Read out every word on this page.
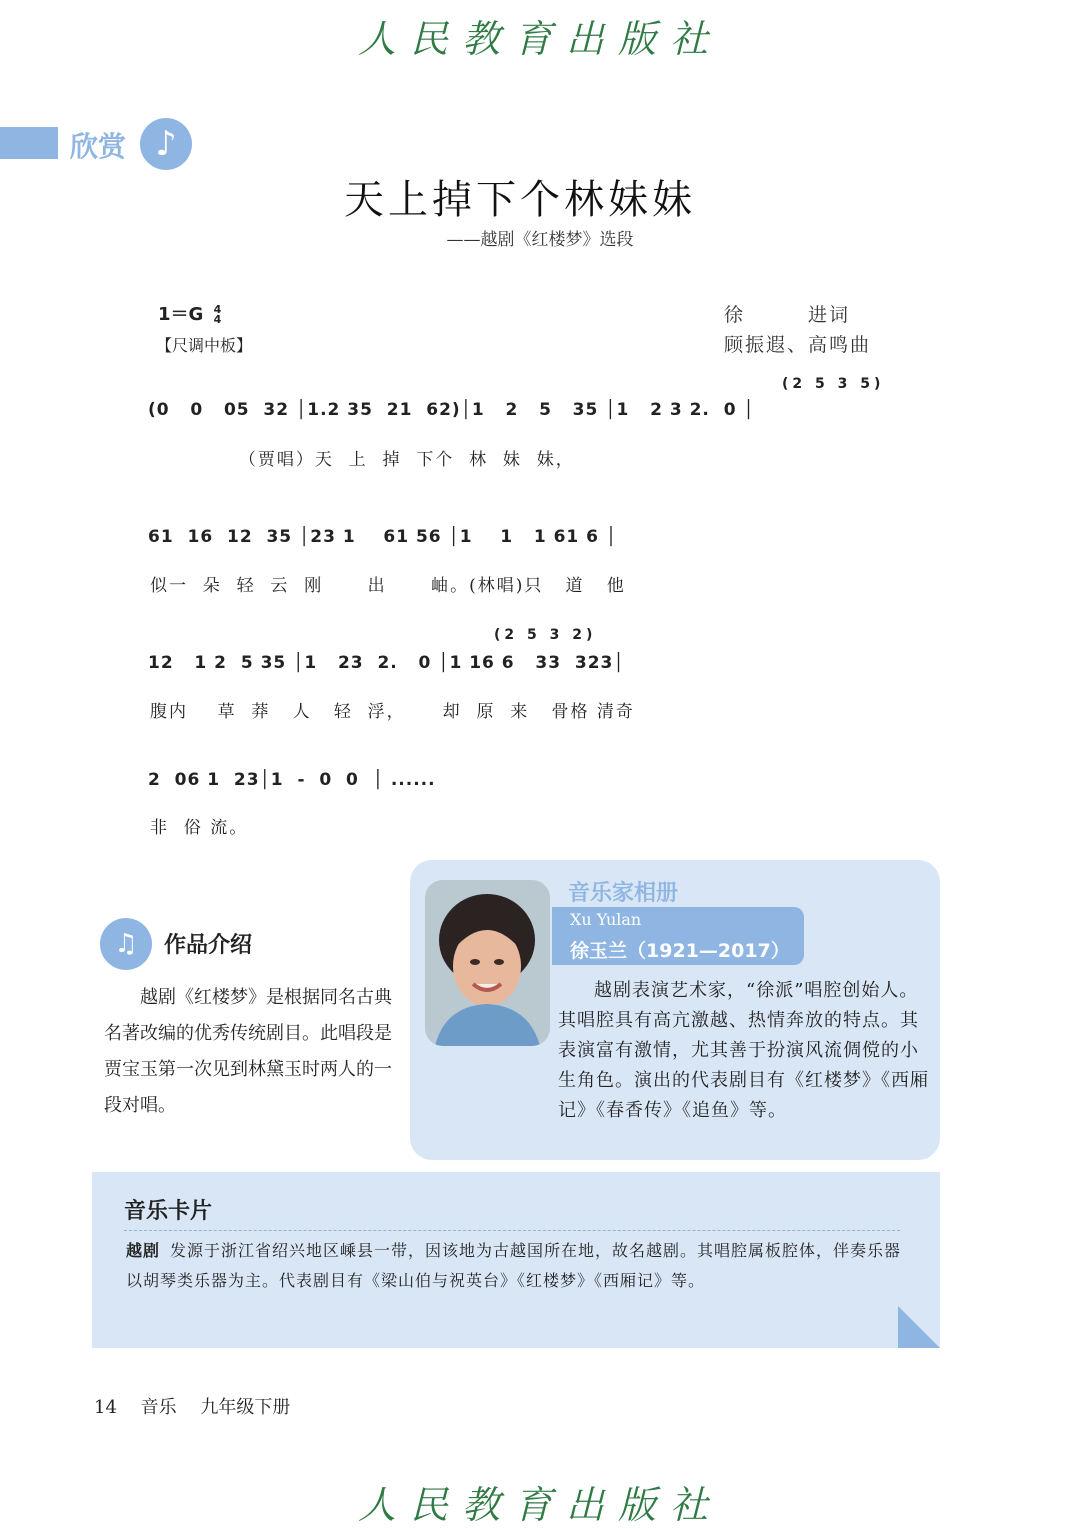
人民教育出版社
欣赏 ♪
天上掉下个林妹妹
——越剧《红楼梦》选段
1＝G 4
4
【尺调中板】
徐　　　进词
顾振遐、高鸣曲
(2 5 3 5)
(0   0   05  32 │1.2 35  21  62)│1   2   5   35 │1   2 3 2.  0 │
（贾唱）天  上  掉  下个  林  妹  妹，
61  16  12  35 │23 1    61 56 │1    1   1 61 6 │
似一  朵  轻  云  刚      出      岫。(林唱)只   道   他
(2 5 3 2)
12   1 2  5 35 │1   23  2.   0 │1 16 6   33  323│
腹内    草  莽   人   轻  浮，     却  原  来   骨格 清奇
2  06 1  23│1  -  0  0  │ ......
非  俗 流。
♫	作品介绍
越剧《红楼梦》是根据同名古典名著改编的优秀传统剧目。此唱段是贾宝玉第一次见到林黛玉时两人的一段对唱。
音乐家相册
Xu Yulan
徐玉兰（1921—2017）
越剧表演艺术家，“徐派”唱腔创始人。其唱腔具有高亢激越、热情奔放的特点。其表演富有激情，尤其善于扮演风流倜傥的小生角色。演出的代表剧目有《红楼梦》《西厢记》《春香传》《追鱼》等。
音乐卡片
越剧 发源于浙江省绍兴地区嵊县一带，因该地为古越国所在地，故名越剧。其唱腔属板腔体，伴奏乐器以胡琴类乐器为主。代表剧目有《梁山伯与祝英台》《红楼梦》《西厢记》等。
14 音乐 九年级下册
人民教育出版社
